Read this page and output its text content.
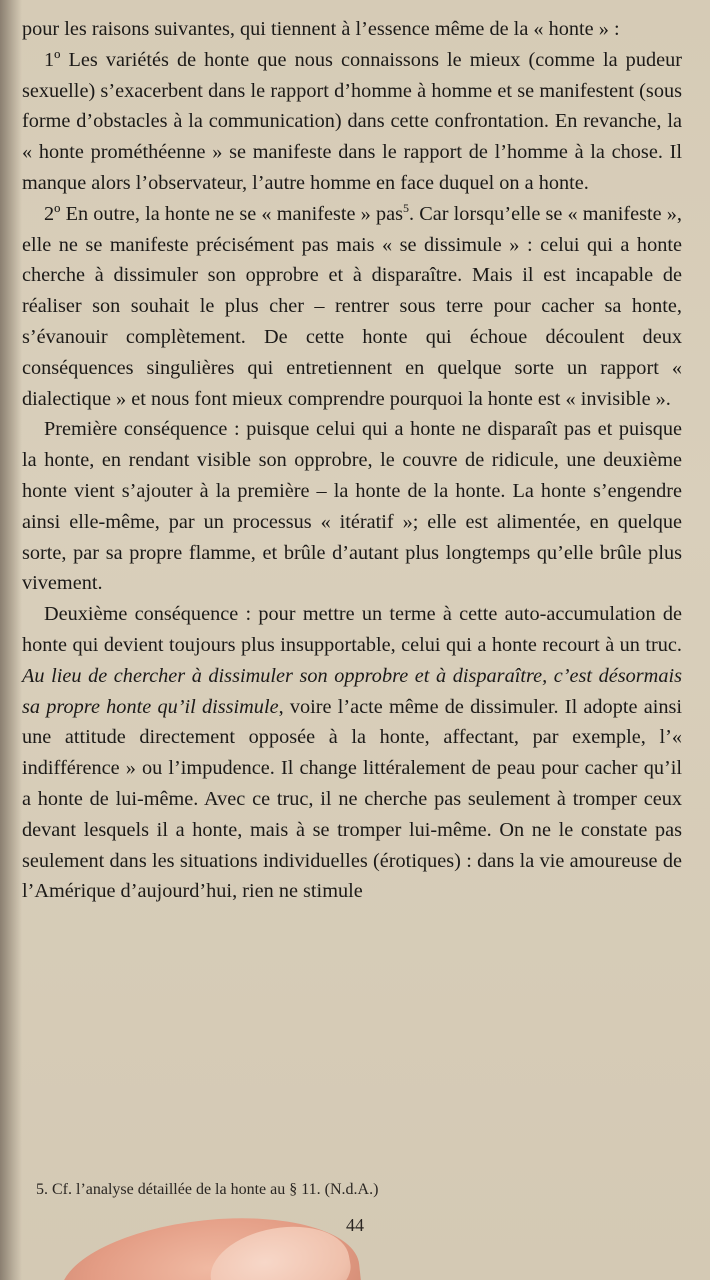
pour les raisons suivantes, qui tiennent à l’essence même de la « honte » :

1º Les variétés de honte que nous connaissons le mieux (comme la pudeur sexuelle) s’exacerbent dans le rapport d’homme à homme et se manifestent (sous forme d’obstacles à la communication) dans cette confrontation. En revanche, la « honte prométhéenne » se manifeste dans le rapport de l’homme à la chose. Il manque alors l’observateur, l’autre homme en face duquel on a honte.

2º En outre, la honte ne se « manifeste » pas$^5$. Car lorsqu’elle se « manifeste », elle ne se manifeste précisément pas mais « se dissimule » : celui qui a honte cherche à dissimuler son opprobre et à disparaître. Mais il est incapable de réaliser son souhait le plus cher – rentrer sous terre pour cacher sa honte, s’évanouir complètement. De cette honte qui échoue découlent deux conséquences singulières qui entretiennent en quelque sorte un rapport « dialectique » et nous font mieux comprendre pourquoi la honte est « invisible ».

Première conséquence : puisque celui qui a honte ne disparaît pas et puisque la honte, en rendant visible son opprobre, le couvre de ridicule, une deuxième honte vient s’ajouter à la première – la honte de la honte. La honte s’engendre ainsi elle-même, par un processus « itératif »; elle est alimentée, en quelque sorte, par sa propre flamme, et brûle d’autant plus longtemps qu’elle brûle plus vivement.

Deuxième conséquence : pour mettre un terme à cette auto-accumulation de honte qui devient toujours plus insupportable, celui qui a honte recourt à un truc. Au lieu de chercher à dissimuler son opprobre et à disparaître, c’est désormais sa propre honte qu’il dissimule, voire l’acte même de dissimuler. Il adopte ainsi une attitude directement opposée à la honte, affectant, par exemple, l’« indifférence » ou l’impudence. Il change littéralement de peau pour cacher qu’il a honte de lui-même. Avec ce truc, il ne cherche pas seulement à tromper ceux devant lesquels il a honte, mais à se tromper lui-même. On ne le constate pas seulement dans les situations individuelles (érotiques) : dans la vie amoureuse de l’Amérique d’aujourd’hui, rien ne stimule

5. Cf. l’analyse détaillée de la honte au § 11. (N.d.A.)
44
